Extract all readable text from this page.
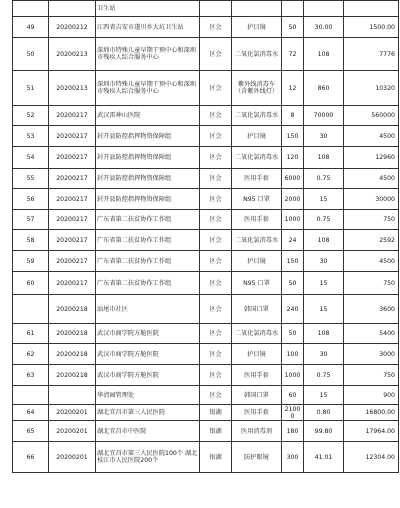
		卫生站					
49	20200212	江西省吉安市遂川乡大坑卫生站	区会	护目镜	50	30.00	1500.00
50	20200213	深圳市特殊儿童早期干预中心和深圳市残疾人综合服务中心	区会	二氧化氯消毒水	72	108	7776
51	20200213	深圳市特殊儿童早期干预中心和深圳市残疾人综合服务中心	区会	紫外线消毒车（含紫外线灯）	12	860	10320
52	20200217	武汉雷神山医院	区会	二氧化氯消毒水	8	70000	560000
53	20200217	封开县防控指挥物资保障组	区会	护目镜	150	30	4500
54	20200217	封开县防控指挥物资保障组	区会	二氧化氯消毒水	120	108	12960
55	20200217	封开县防控指挥物资保障组	区会	医用手套	6000	0.75	4500
56	20200217	封开县防控指挥物资保障组	区会	N95 口罩	2000	15	30000
57	20200217	广东省第二扶贫协作工作组	区会	医用手套	1000	0.75	750
58	20200217	广东省第二扶贫协作工作组	区会	二氧化氯消毒水	24	108	2592
59	20200217	广东省第二扶贫协作工作组	区会	护目镜	150	30	4500
60	20200217	广东省第二扶贫协作工作组	区会	N95 口罩	50	15	750
	20200218	汕尾市社区	区会	韩国口罩	240	15	3600
61	20200218	武汉市商学院方舱医院	区会	二氧化氯消毒水	50	108	5400
62	20200218	武汉市商学院方舱医院	区会	护目镜	100	30	3000
63	20200218	武汉市商学院方舱医院	区会	医用手套	1000	0.75	750
		华清园管理处	区会	韩国口罩	60	15	900
64	20200201	湖北宜昌市第三人民医院	银湖	医用手套	21000	0.80	16800.00
65	20200201	湖北宜昌市中医院	银湖	医用消毒剂	180	99.80	17964.00
66	20200201	湖北宜昌市第三人民医院100个 湖北枝江市人民医院200个	银湖	防护眼镜	300	41.01	12304.00
